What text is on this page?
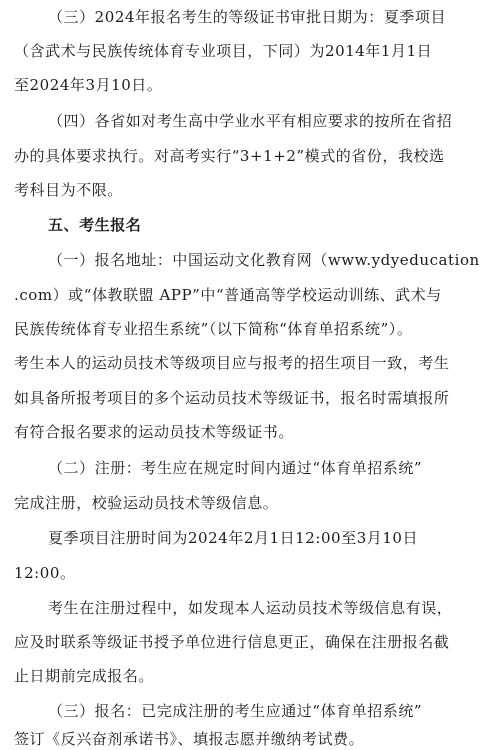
（三）2024年报名考生的等级证书审批日期为：夏季项目
（含武术与民族传统体育专业项目，下同）为2014年1月1日
至2024年3月10日。
（四）各省如对考生高中学业水平有相应要求的按所在省招
办的具体要求执行。对高考实行“3+1+2”模式的省份，我校选
考科目为不限。
五、考生报名
（一）报名地址：中国运动文化教育网（www.ydyeducation
.com）或“体教联盟 APP”中“普通高等学校运动训练、武术与
民族传统体育专业招生系统”（以下简称“体育单招系统”）。
考生本人的运动员技术等级项目应与报考的招生项目一致，考生
如具备所报考项目的多个运动员技术等级证书，报名时需填报所
有符合报名要求的运动员技术等级证书。
（二）注册：考生应在规定时间内通过“体育单招系统”
完成注册，校验运动员技术等级信息。
夏季项目注册时间为2024年2月1日12:00至3月10日
12:00。
考生在注册过程中，如发现本人运动员技术等级信息有误，
应及时联系等级证书授予单位进行信息更正，确保在注册报名截
止日期前完成报名。
（三）报名：已完成注册的考生应通过“体育单招系统”
签订《反兴奋剂承诺书》、填报志愿并缴纳考试费。
